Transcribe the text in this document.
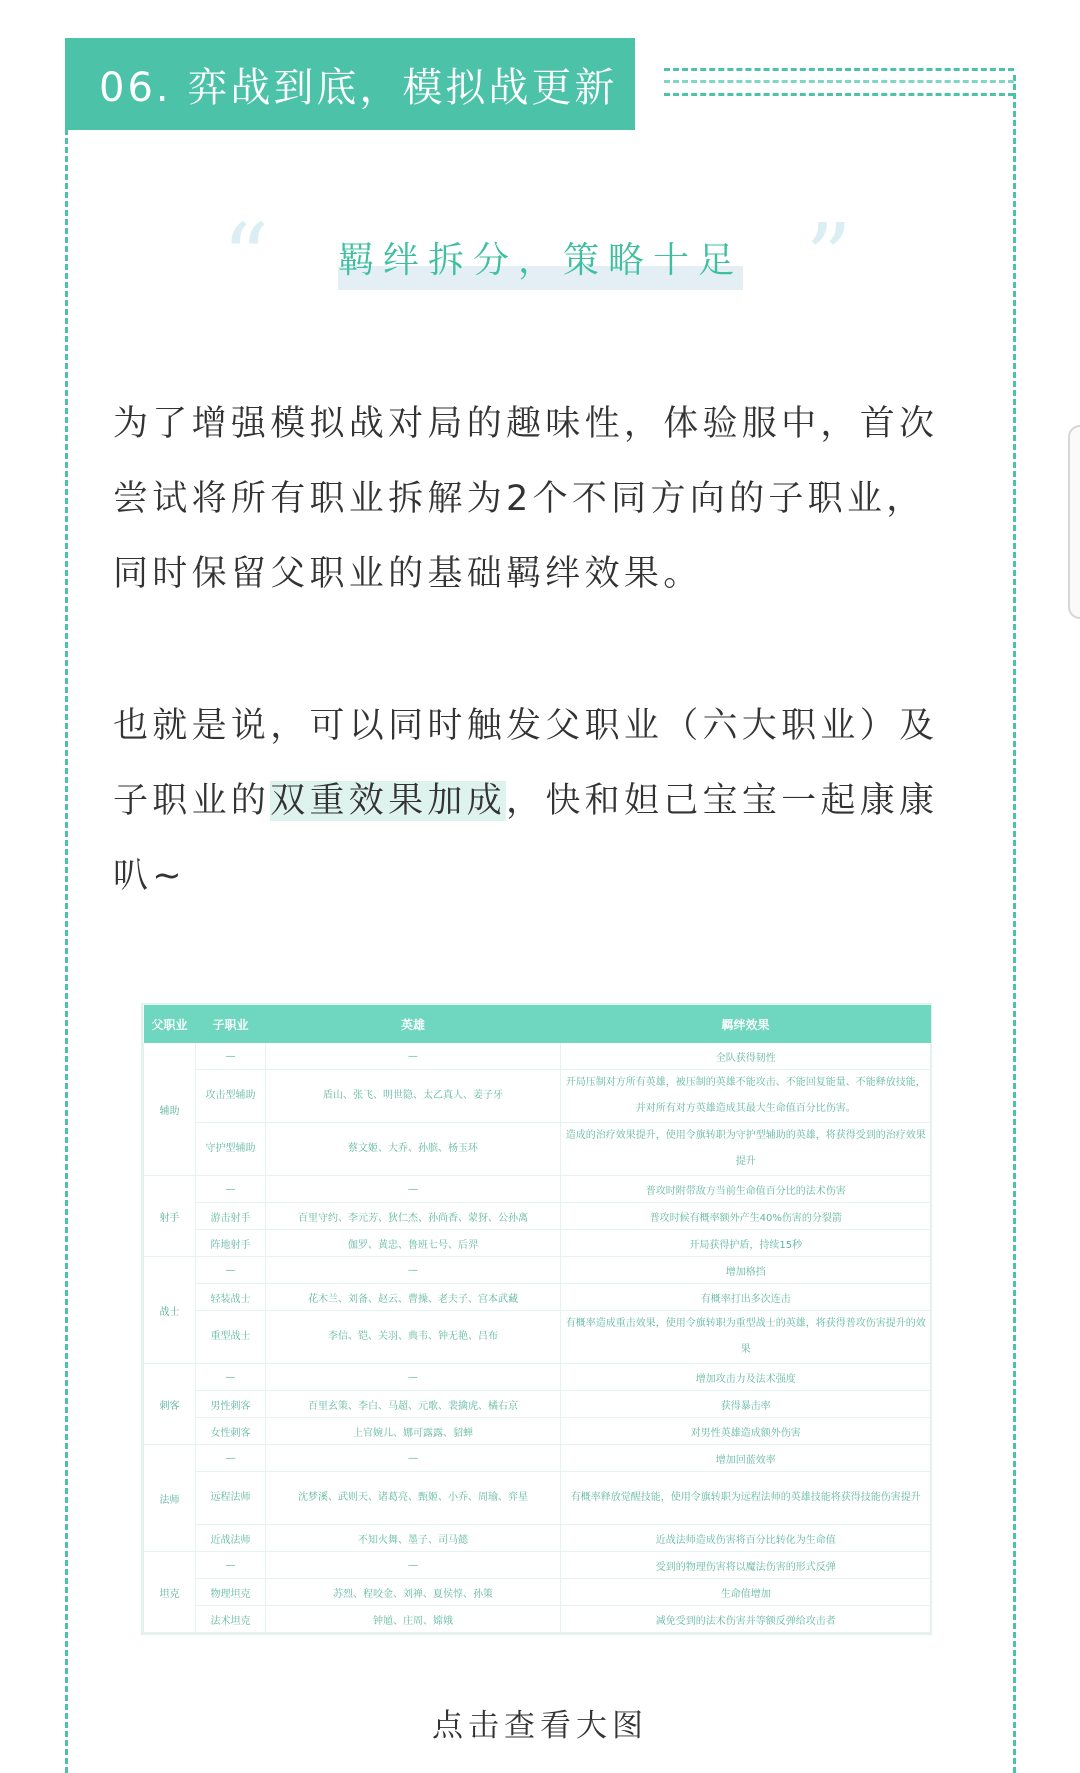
06. 弈战到底，模拟战更新
“	”
羁绊拆分，策略十足
为了增强模拟战对局的趣味性，体验服中，首次
尝试将所有职业拆解为2个不同方向的子职业，
同时保留父职业的基础羁绊效果。
也就是说，可以同时触发父职业（六大职业）及
子职业的双重效果加成，快和妲己宝宝一起康康
叭~
父职业	子职业	英雄	羁绊效果
辅助	—	—	全队获得韧性
	攻击型辅助	盾山、张飞、明世隐、太乙真人、姜子牙	开局压制对方所有英雄，被压制的英雄不能攻击、不能回复能量、不能释放技能，并对所有对方英雄造成其最大生命值百分比伤害。
	守护型辅助	蔡文姬、大乔、孙膑、杨玉环	造成的治疗效果提升，使用令旗转职为守护型辅助的英雄，将获得受到的治疗效果提升
射手	—	—	普攻时附带敌方当前生命值百分比的法术伤害
	游击射手	百里守约、李元芳、狄仁杰、孙尚香、蒙犽、公孙离	普攻时候有概率额外产生40%伤害的分裂箭
	阵地射手	伽罗、黄忠、鲁班七号、后羿	开局获得护盾，持续15秒
战士	—	—	增加格挡
	轻装战士	花木兰、刘备、赵云、曹操、老夫子、宫本武藏	有概率打出多次连击
	重型战士	李信、铠、关羽、典韦、钟无艳、吕布	有概率造成重击效果，使用令旗转职为重型战士的英雄，将获得普攻伤害提升的效果
刺客	—	—	增加攻击力及法术强度
	男性刺客	百里玄策、李白、马超、元歌、裴擒虎、橘右京	获得暴击率
	女性刺客	上官婉儿、娜可露露、貂蝉	对男性英雄造成额外伤害
法师	—	—	增加回蓝效率
	远程法师	沈梦溪、武则天、诸葛亮、甄姬、小乔、周瑜、弈星	有概率释放觉醒技能，使用令旗转职为远程法师的英雄技能将获得技能伤害提升
	近战法师	不知火舞、墨子、司马懿	近战法师造成伤害将百分比转化为生命值
坦克	—	—	受到的物理伤害将以魔法伤害的形式反弹
	物理坦克	苏烈、程咬金、刘禅、夏侯惇、孙策	生命值增加
	法术坦克	钟馗、庄周、嫦娥	减免受到的法术伤害并等额反弹给攻击者
点击查看大图
